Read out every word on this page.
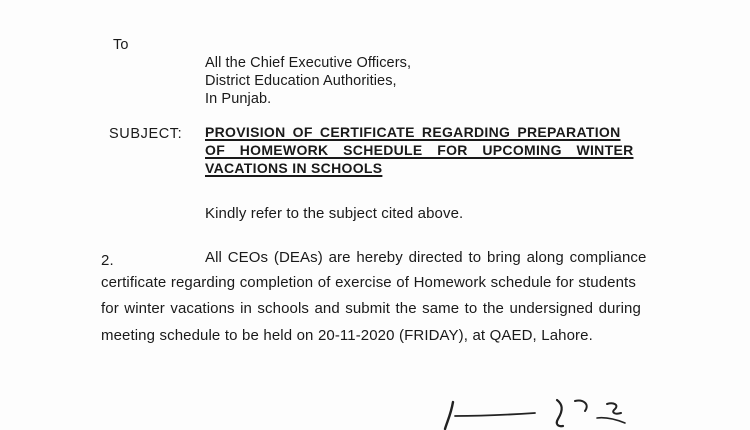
To
All the Chief Executive Officers,
District Education Authorities,
In Punjab.
SUBJECT: PROVISION OF CERTIFICATE REGARDING PREPARATION
OF HOMEWORK SCHEDULE FOR UPCOMING WINTER
VACATIONS IN SCHOOLS
Kindly refer to the subject cited above.
2.	All CEOs (DEAs) are hereby directed to bring along compliance
certificate regarding completion of exercise of Homework schedule for students
for winter vacations in schools and submit the same to the undersigned during
meeting schedule to be held on 20-11-2020 (FRIDAY), at QAED, Lahore.
